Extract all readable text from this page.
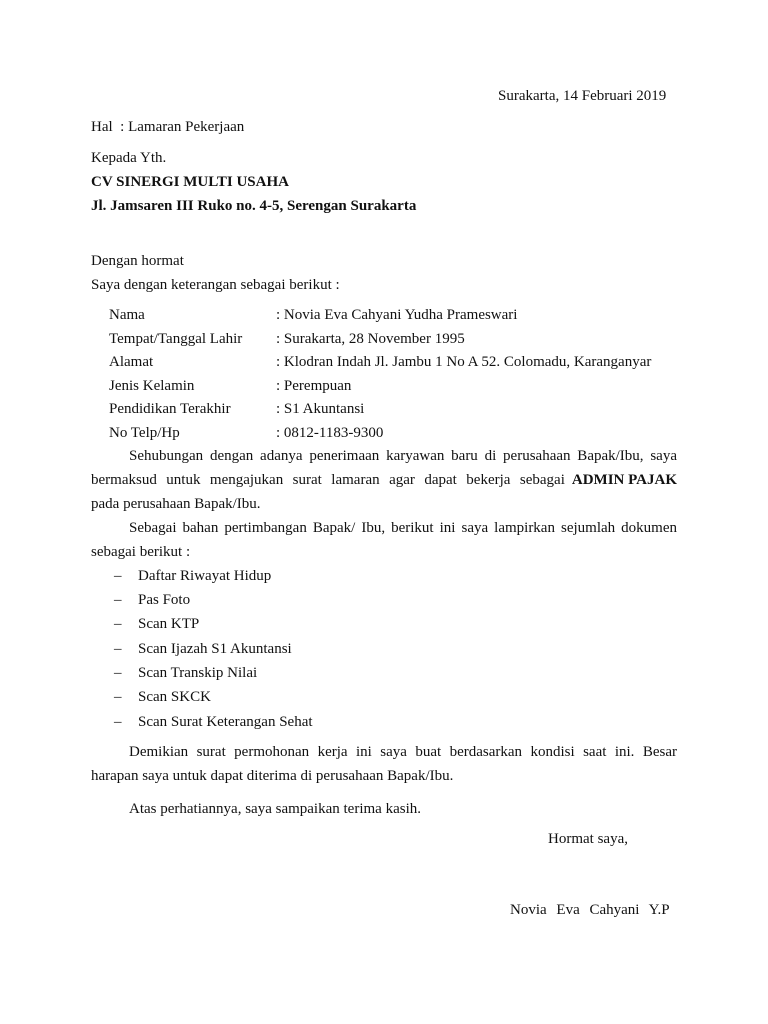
Surakarta, 14 Februari 2019
Hal : Lamaran Pekerjaan
Kepada Yth.
CV SINERGI MULTI USAHA
Jl. Jamsaren III Ruko no. 4-5, Serengan Surakarta
Dengan hormat
Saya dengan keterangan sebagai berikut :
Nama	: Novia Eva Cahyani Yudha Prameswari
Tempat/Tanggal Lahir : Surakarta, 28 November 1995
Alamat	: Klodran Indah Jl. Jambu 1 No A 52. Colomadu, Karanganyar
Jenis Kelamin	: Perempuan
Pendidikan Terakhir	: S1 Akuntansi
No Telp/Hp	: 0812-1183-9300
Sehubungan dengan adanya penerimaan karyawan baru di perusahaan Bapak/Ibu, saya
bermaksud untuk mengajukan surat lamaran agar dapat bekerja sebagai ADMIN PAJAK
pada perusahaan Bapak/Ibu.
Sebagai bahan pertimbangan Bapak/ Ibu, berikut ini saya lampirkan sejumlah dokumen
sebagai berikut :
– Daftar Riwayat Hidup
– Pas Foto
– Scan KTP
– Scan Ijazah S1 Akuntansi
– Scan Transkip Nilai
– Scan SKCK
– Scan Surat Keterangan Sehat
Demikian surat permohonan kerja ini saya buat berdasarkan kondisi saat ini. Besar
harapan saya untuk dapat diterima di perusahaan Bapak/Ibu.
Atas perhatiannya, saya sampaikan terima kasih.
Hormat saya,
Novia Eva Cahyani Y.P
